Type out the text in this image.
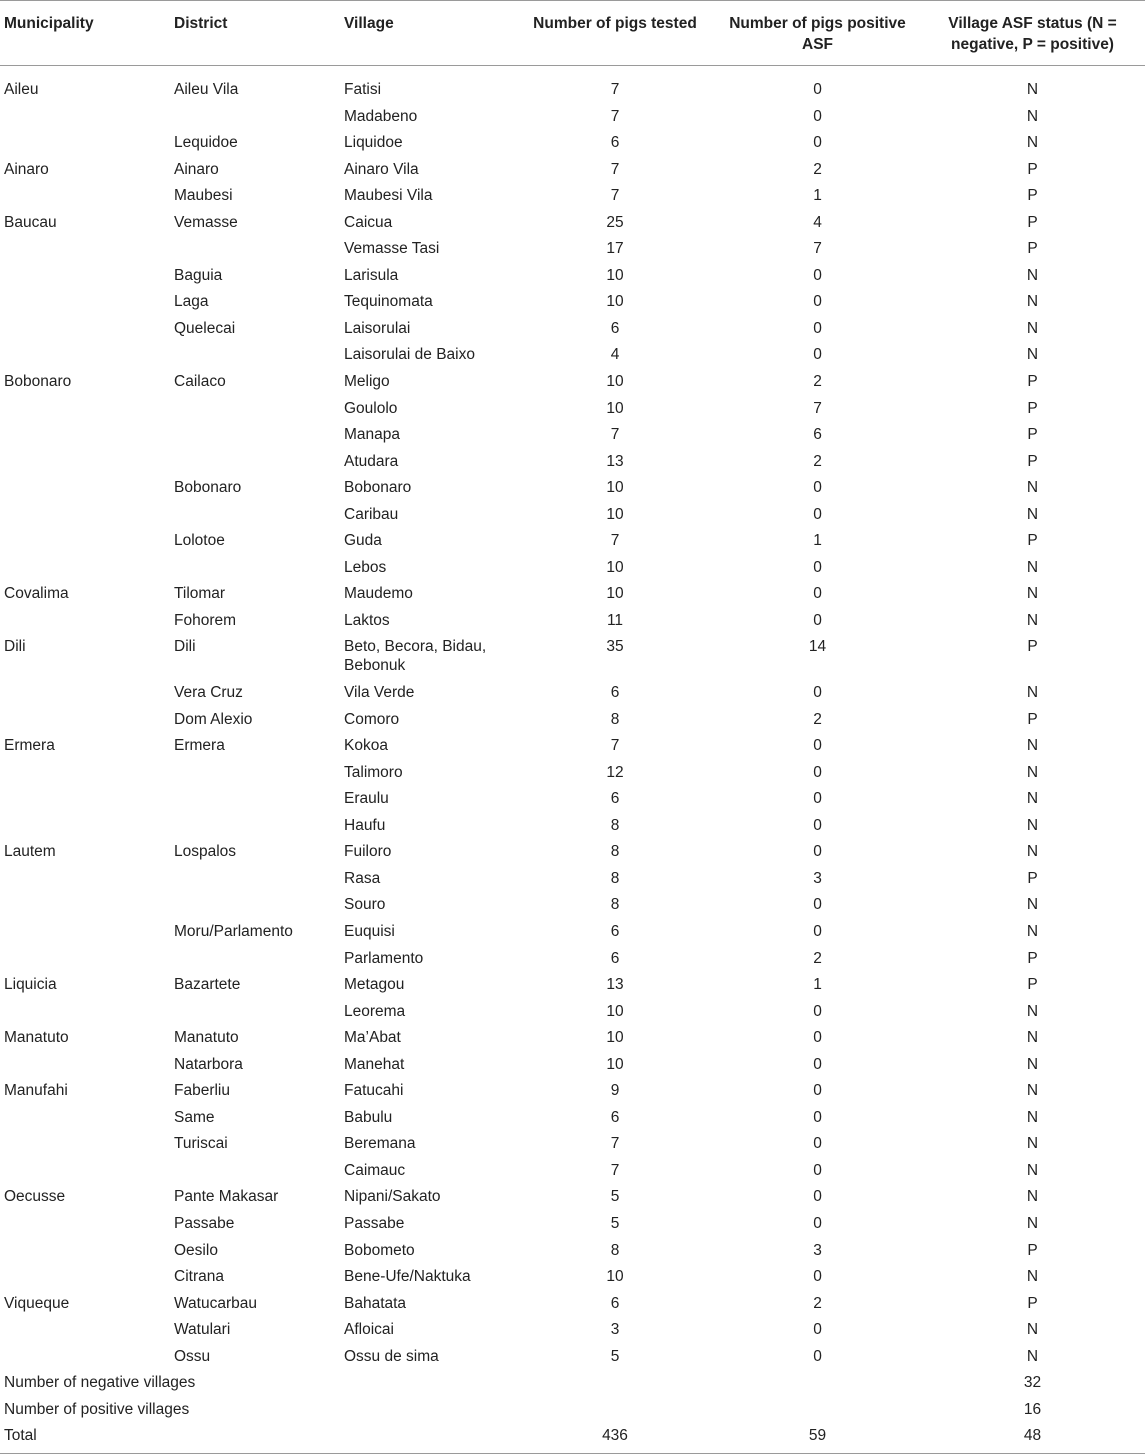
Municipality	District	Village	Number of pigs tested	Number of pigs positive ASF	Village ASF status (N = negative, P = positive)
Aileu	Aileu Vila	Fatisi	7	0	N
		Madabeno	7	0	N
	Lequidoe	Liquidoe	6	0	N
Ainaro	Ainaro	Ainaro Vila	7	2	P
	Maubesi	Maubesi Vila	7	1	P
Baucau	Vemasse	Caicua	25	4	P
		Vemasse Tasi	17	7	P
	Baguia	Larisula	10	0	N
	Laga	Tequinomata	10	0	N
	Quelecai	Laisorulai	6	0	N
		Laisorulai de Baixo	4	0	N
Bobonaro	Cailaco	Meligo	10	2	P
		Goulolo	10	7	P
		Manapa	7	6	P
		Atudara	13	2	P
	Bobonaro	Bobonaro	10	0	N
		Caribau	10	0	N
	Lolotoe	Guda	7	1	P
		Lebos	10	0	N
Covalima	Tilomar	Maudemo	10	0	N
	Fohorem	Laktos	11	0	N
Dili	Dili	Beto, Becora, Bidau, Bebonuk	35	14	P
	Vera Cruz	Vila Verde	6	0	N
	Dom Alexio	Comoro	8	2	P
Ermera	Ermera	Kokoa	7	0	N
		Talimoro	12	0	N
		Eraulu	6	0	N
		Haufu	8	0	N
Lautem	Lospalos	Fuiloro	8	0	N
		Rasa	8	3	P
		Souro	8	0	N
	Moru/Parlamento	Euquisi	6	0	N
		Parlamento	6	2	P
Liquicia	Bazartete	Metagou	13	1	P
		Leorema	10	0	N
Manatuto	Manatuto	Ma’Abat	10	0	N
	Natarbora	Manehat	10	0	N
Manufahi	Faberliu	Fatucahi	9	0	N
	Same	Babulu	6	0	N
	Turiscai	Beremana	7	0	N
		Caimauc	7	0	N
Oecusse	Pante Makasar	Nipani/Sakato	5	0	N
	Passabe	Passabe	5	0	N
	Oesilo	Bobometo	8	3	P
	Citrana	Bene-Ufe/Naktuka	10	0	N
Viqueque	Watucarbau	Bahatata	6	2	P
	Watulari	Afloicai	3	0	N
	Ossu	Ossu de sima	5	0	N
Number of negative villages					32
Number of positive villages					16
Total			436	59	48
